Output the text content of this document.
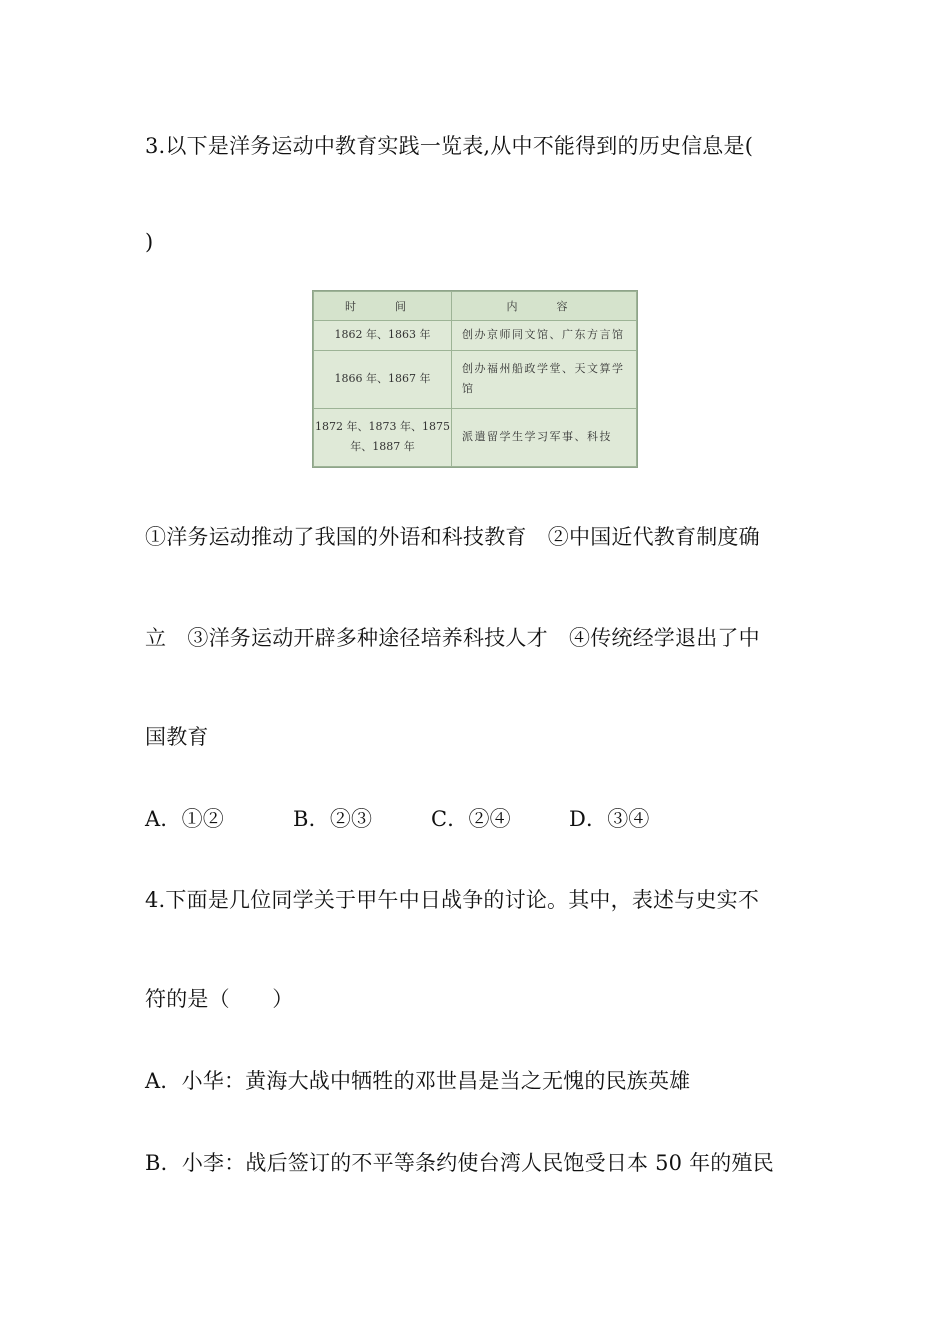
3.以下是洋务运动中教育实践一览表,从中不能得到的历史信息是(

)

时　间	内　容
1862 年、1863 年	创办京师同文馆、广东方言馆
1866 年、1867 年	创办福州船政学堂、天文算学馆
1872 年、1873 年、1875 年、1887 年	派遣留学生学习军事、科技

①洋务运动推动了我国的外语和科技教育　②中国近代教育制度确

立　③洋务运动开辟多种途径培养科技人才　④传统经学退出了中

国教育

A．①②	B．②③	C．②④	D．③④

4.下面是几位同学关于甲午中日战争的讨论。其中，表述与史实不

符的是（　　）

A．小华：黄海大战中牺牲的邓世昌是当之无愧的民族英雄

B．小李：战后签订的不平等条约使台湾人民饱受日本 50 年的殖民
